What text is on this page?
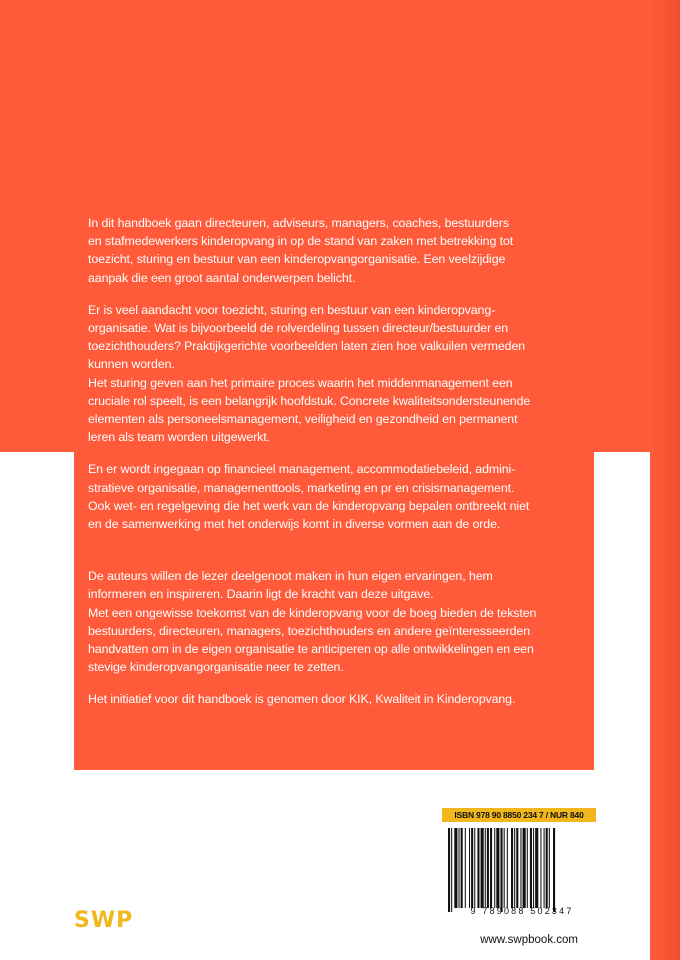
In dit handboek gaan directeuren, adviseurs, managers, coaches, bestuurders
en stafmedewerkers kinderopvang in op de stand van zaken met betrekking tot
toezicht, sturing en bestuur van een kinderopvangorganisatie. Een veelzijdige
aanpak die een groot aantal onderwerpen belicht.

Er is veel aandacht voor toezicht, sturing en bestuur van een kinderopvang-
organisatie. Wat is bijvoorbeeld de rolverdeling tussen directeur/bestuurder en
toezichthouders? Praktijkgerichte voorbeelden laten zien hoe valkuilen vermeden
kunnen worden.

Het sturing geven aan het primaire proces waarin het middenmanagement een
cruciale rol speelt, is een belangrijk hoofdstuk. Concrete kwaliteitsondersteunende
elementen als personeelsmanagement, veiligheid en gezondheid en permanent
leren als team worden uitgewerkt.

En er wordt ingegaan op financieel management, accommodatiebeleid, admini-
stratieve organisatie, managementtools, marketing en pr en crisismanagement.
Ook wet- en regelgeving die het werk van de kinderopvang bepalen ontbreekt niet
en de samenwerking met het onderwijs komt in diverse vormen aan de orde.

De auteurs willen de lezer deelgenoot maken in hun eigen ervaringen, hem
informeren en inspireren. Daarin ligt de kracht van deze uitgave.

Met een ongewisse toekomst van de kinderopvang voor de boeg bieden de teksten
bestuurders, directeuren, managers, toezichthouders en andere geïnteresseerden
handvatten om in de eigen organisatie te anticiperen op alle ontwikkelingen en een
stevige kinderopvangorganisatie neer te zetten.

Het initiatief voor dit handboek is genomen door KIK, Kwaliteit in Kinderopvang.

SWP
ISBN 978 90 8850 234 7 / NUR 840
9 789088 502347
www.swpbook.com
